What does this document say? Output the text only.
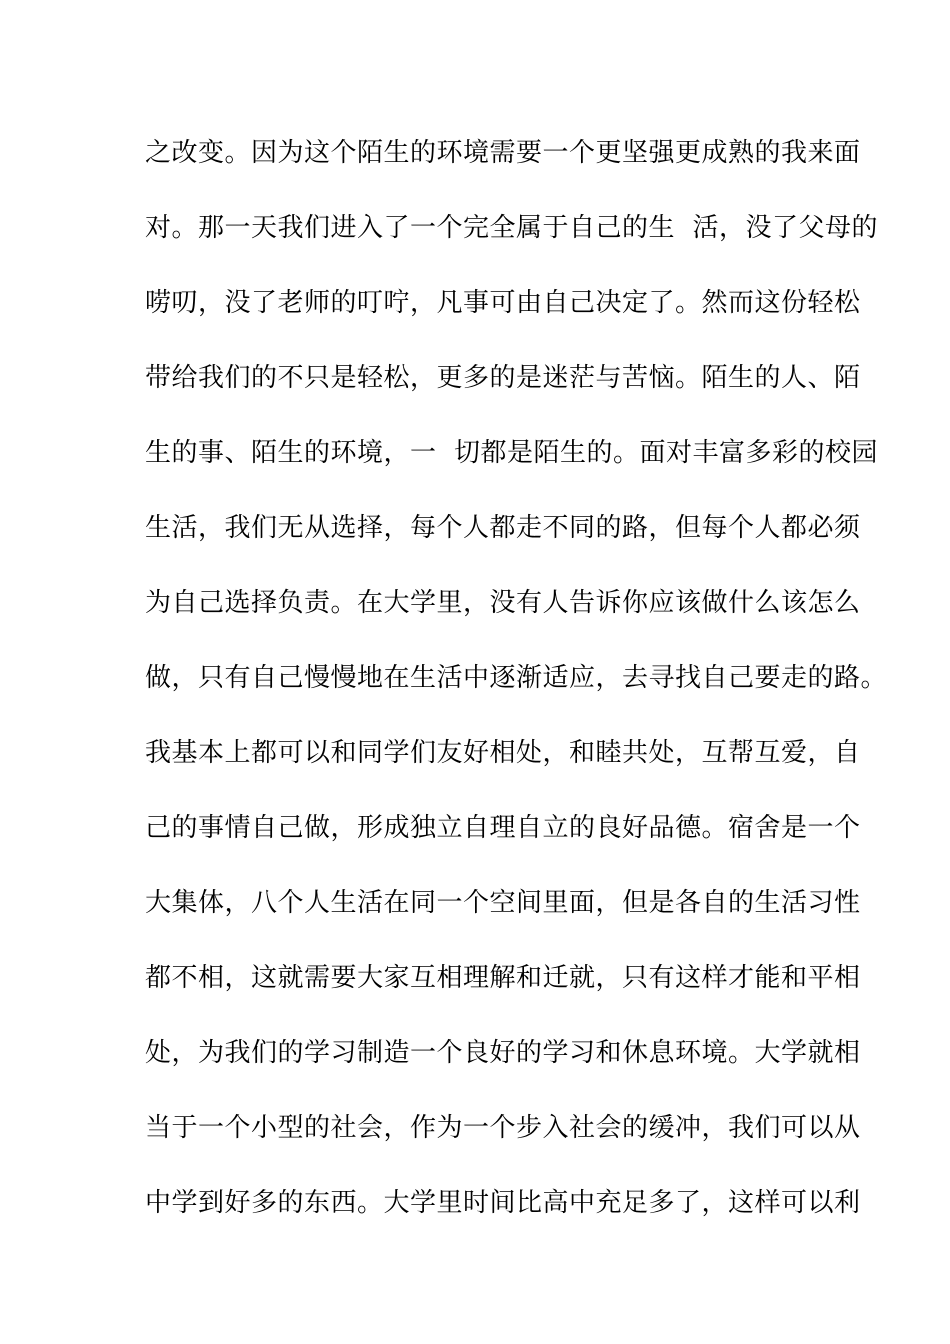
之改变。因为这个陌生的环境需要一个更坚强更成熟的我来面
对。那一天我们进入了一个完全属于自己的生  活，没了父母的
唠叨，没了老师的叮咛，凡事可由自己决定了。然而这份轻松
带给我们的不只是轻松，更多的是迷茫与苦恼。陌生的人、陌
生的事、陌生的环境，一  切都是陌生的。面对丰富多彩的校园
生活，我们无从选择，每个人都走不同的路，但每个人都必须
为自己选择负责。在大学里，没有人告诉你应该做什么该怎么
做，只有自己慢慢地在生活中逐渐适应，去寻找自己要走的路。
我基本上都可以和同学们友好相处，和睦共处，互帮互爱，自
己的事情自己做，形成独立自理自立的良好品德。宿舍是一个
大集体，八个人生活在同一个空间里面，但是各自的生活习性
都不相，这就需要大家互相理解和迁就，只有这样才能和平相
处，为我们的学习制造一个良好的学习和休息环境。大学就相
当于一个小型的社会，作为一个步入社会的缓冲，我们可以从
中学到好多的东西。大学里时间比高中充足多了，这样可以利
